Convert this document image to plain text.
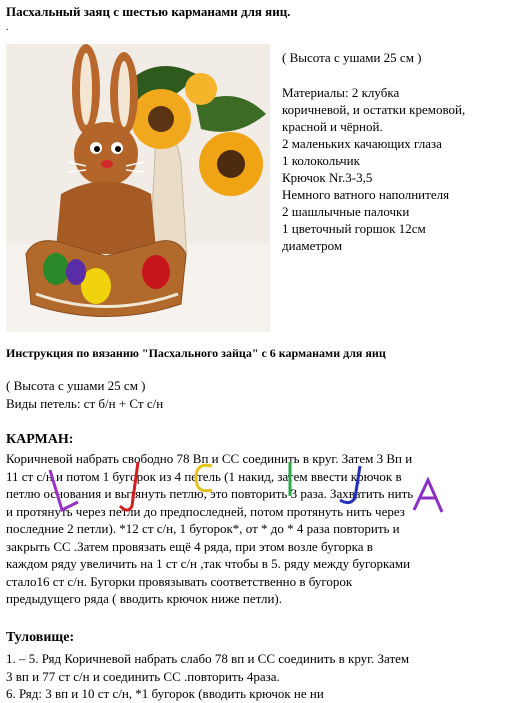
Пасхальный заяц с шестью карманами для яиц.
.
( Высота с ушами 25 см )
Материалы: 2 клубка
коричневой, и остатки кремовой,
красной и чёрной.
2 маленьких качающих глаза
1 колокольчик
Крючок Nr.3-3,5
Немного ватного наполнителя
2 шашлычные палочки
1 цветочный горшок 12см
диаметром
Инструкция по вязанию "Пасхального зайца" с 6 карманами для яиц
( Высота с ушами 25 см )
Виды петель: ст б/н + Ст с/н
КАРМАН:
Коричневой набрать свободно 78 Вп и СС соединить в круг. Затем 3 Вп и
11 ст с/н и потом 1 бугорок из 4 петель (1 накид, затем ввести крючок в
петлю основания и вытянуть петлю, это повторить 3 раза. Захватить нить
и протянуть через петли до предпоследней, потом протянуть нить через
последние 2 петли). *12 ст с/н, 1 бугорок*, от * до * 4 раза повторить и
закрыть СС .Затем провязать ещё 4 ряда, при этом возле бугорка в
каждом ряду увеличить на 1 ст с/н ,так чтобы в 5. ряду между бугорками
стало16 ст с/н. Бугорки провязывать соответственно в бугорок
предыдущего ряда ( вводить крючок ниже петли).
Туловище:
1. – 5. Ряд Коричневой набрать слабо 78 вп и СС соединить в круг. Затем
3 вп и 77 ст с/н и соединить СС .повторить 4раза.
6. Ряд: 3 вп и 10 ст с/н, *1 бугорок (вводить крючок не ни
